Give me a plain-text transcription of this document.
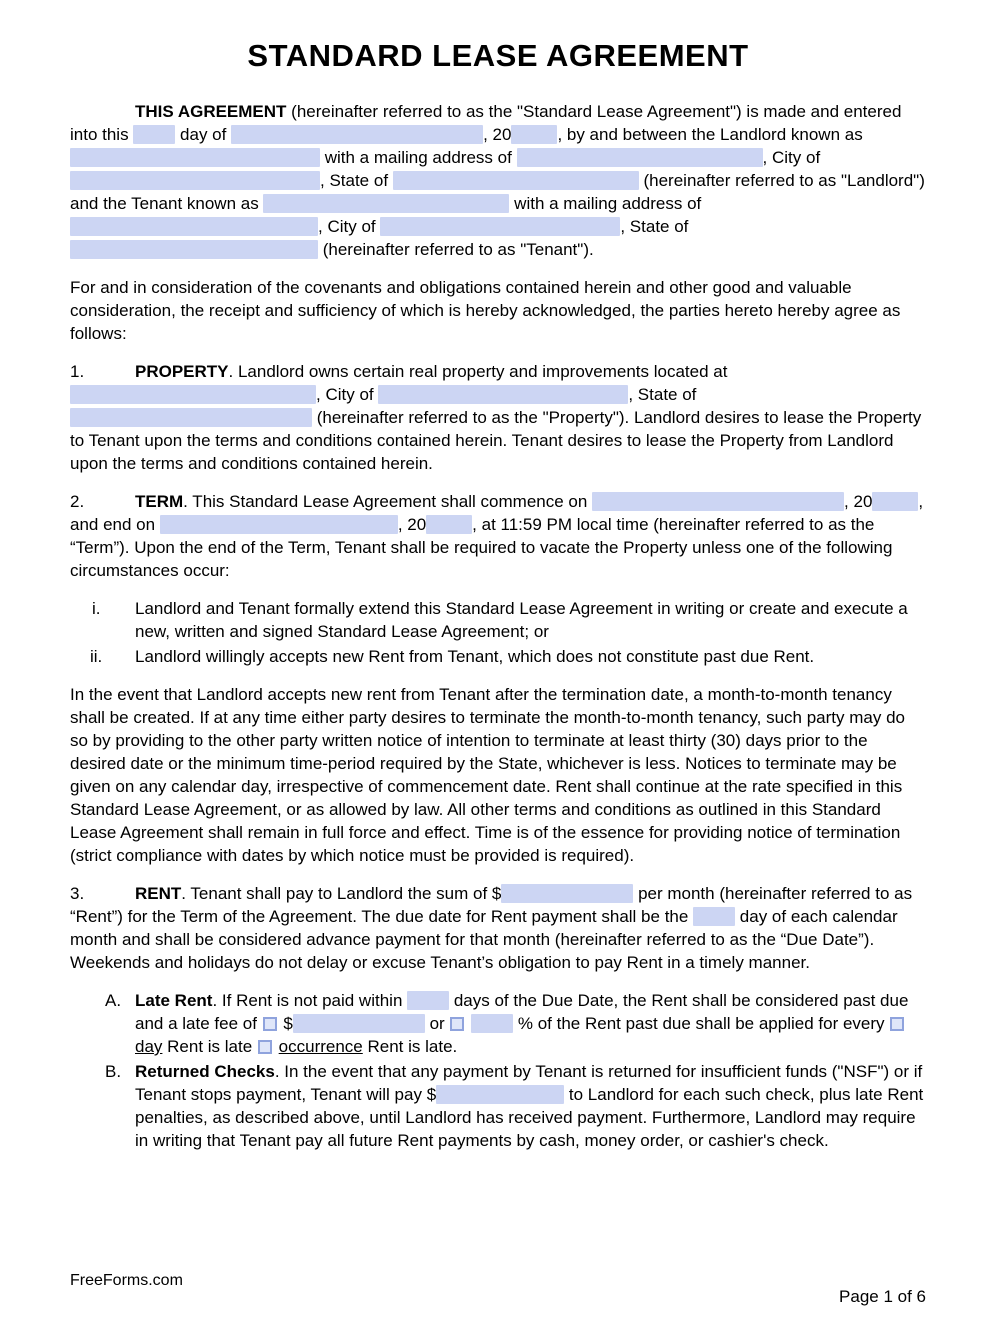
STANDARD LEASE AGREEMENT
THIS AGREEMENT (hereinafter referred to as the "Standard Lease Agreement") is made and entered into this  day of	, 20	, by and between the Landlord known as  with a mailing address of	, City of , State of	(hereinafter referred to as "Landlord") and the Tenant known as	with a mailing address of , City of	, State of  (hereinafter referred to as "Tenant").
For and in consideration of the covenants and obligations contained herein and other good and valuable consideration, the receipt and sufficiency of which is hereby acknowledged, the parties hereto hereby agree as follows:
1.	PROPERTY. Landlord owns certain real property and improvements located at , City of	, State of  (hereinafter referred to as the "Property"). Landlord desires to lease the Property to Tenant upon the terms and conditions contained herein. Tenant desires to lease the Property from Landlord upon the terms and conditions contained herein.
2.	TERM. This Standard Lease Agreement shall commence on	, 20	, and end on	, 20	, at 11:59 PM local time (hereinafter referred to as the “Term”). Upon the end of the Term, Tenant shall be required to vacate the Property unless one of the following circumstances occur:
i. Landlord and Tenant formally extend this Standard Lease Agreement in writing or create and execute a new, written and signed Standard Lease Agreement; or
ii. Landlord willingly accepts new Rent from Tenant, which does not constitute past due Rent.
In the event that Landlord accepts new rent from Tenant after the termination date, a month-to-month tenancy shall be created. If at any time either party desires to terminate the month-to-month tenancy, such party may do so by providing to the other party written notice of intention to terminate at least thirty (30) days prior to the desired date or the minimum time-period required by the State, whichever is less. Notices to terminate may be given on any calendar day, irrespective of commencement date. Rent shall continue at the rate specified in this Standard Lease Agreement, or as allowed by law. All other terms and conditions as outlined in this Standard Lease Agreement shall remain in full force and effect. Time is of the essence for providing notice of termination (strict compliance with dates by which notice must be provided is required).
3.	RENT. Tenant shall pay to Landlord the sum of $	per month (hereinafter referred to as “Rent”) for the Term of the Agreement. The due date for Rent payment shall be the  day of each calendar month and shall be considered advance payment for that month (hereinafter referred to as the “Due Date”). Weekends and holidays do not delay or excuse Tenant’s obligation to pay Rent in a timely manner.
A. Late Rent. If Rent is not paid within  days of the Due Date, the Rent shall be considered past due and a late fee of  $	or	% of the Rent past due shall be applied for every  day Rent is late  occurrence Rent is late.
B. Returned Checks. In the event that any payment by Tenant is returned for insufficient funds ("NSF") or if Tenant stops payment, Tenant will pay $	to Landlord for each such check, plus late Rent penalties, as described above, until Landlord has received payment. Furthermore, Landlord may require in writing that Tenant pay all future Rent payments by cash, money order, or cashier's check.
FreeForms.com
Page 1 of 6
